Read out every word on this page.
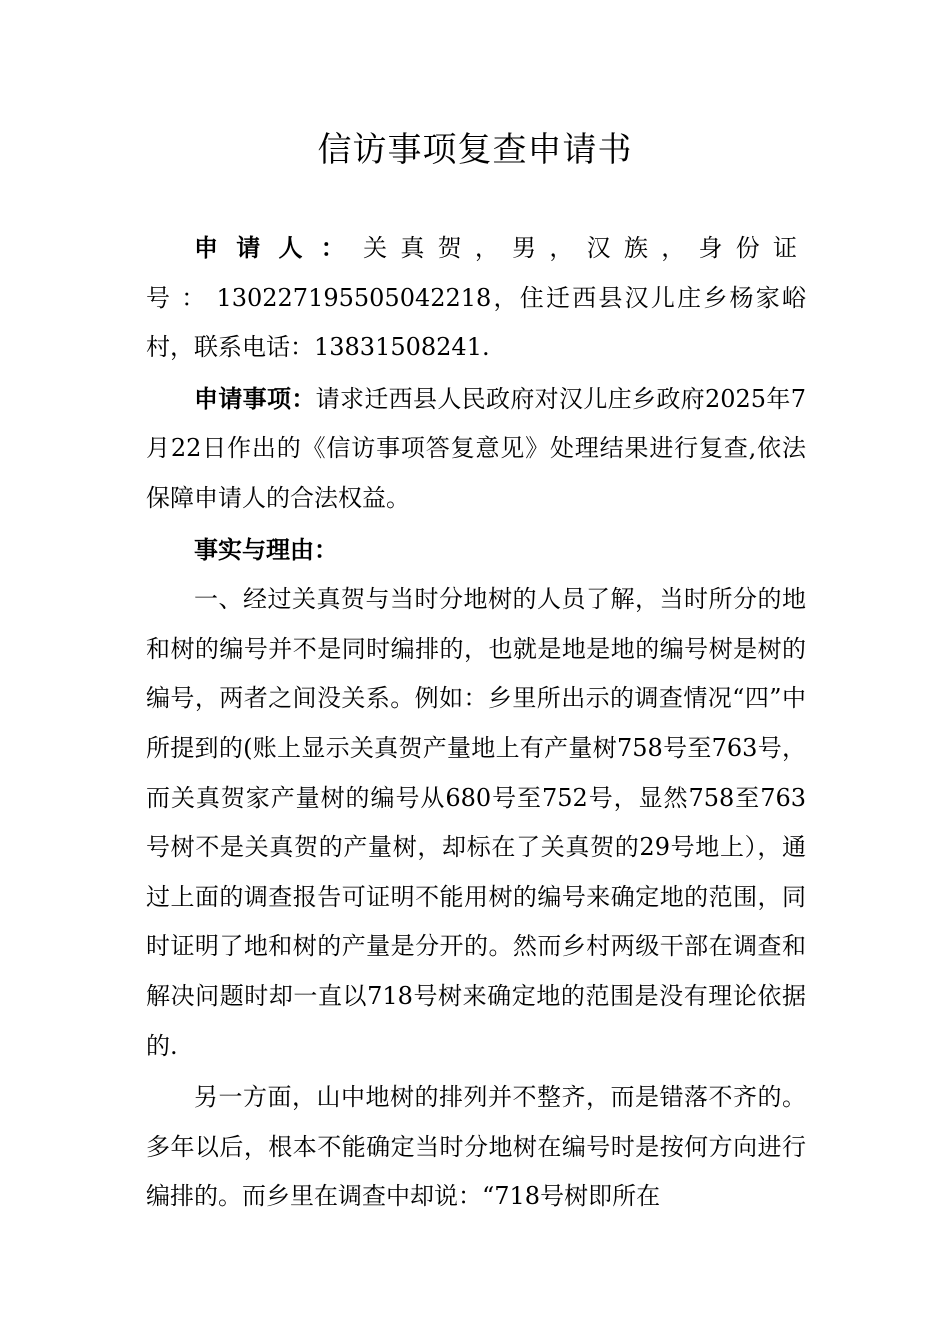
信访事项复查申请书

申请人：关真贺，男，汉族，身份证号：130227195505042218，住迁西县汉儿庄乡杨家峪村，联系电话：13831508241.

申请事项：请求迁西县人民政府对汉儿庄乡政府2025年7月22日作出的《信访事项答复意见》处理结果进行复查,依法保障申请人的合法权益。

事实与理由：

一、经过关真贺与当时分地树的人员了解，当时所分的地和树的编号并不是同时编排的，也就是地是地的编号树是树的编号，两者之间没关系。例如：乡里所出示的调查情况“四”中所提到的(账上显示关真贺产量地上有产量树758号至763号，而关真贺家产量树的编号从680号至752号，显然758至763号树不是关真贺的产量树，却标在了关真贺的29号地上），通过上面的调查报告可证明不能用树的编号来确定地的范围，同时证明了地和树的产量是分开的。然而乡村两级干部在调查和解决问题时却一直以718号树来确定地的范围是没有理论依据的.

另一方面，山中地树的排列并不整齐，而是错落不齐的。多年以后，根本不能确定当时分地树在编号时是按何方向进行编排的。而乡里在调查中却说：“718号树即所在
